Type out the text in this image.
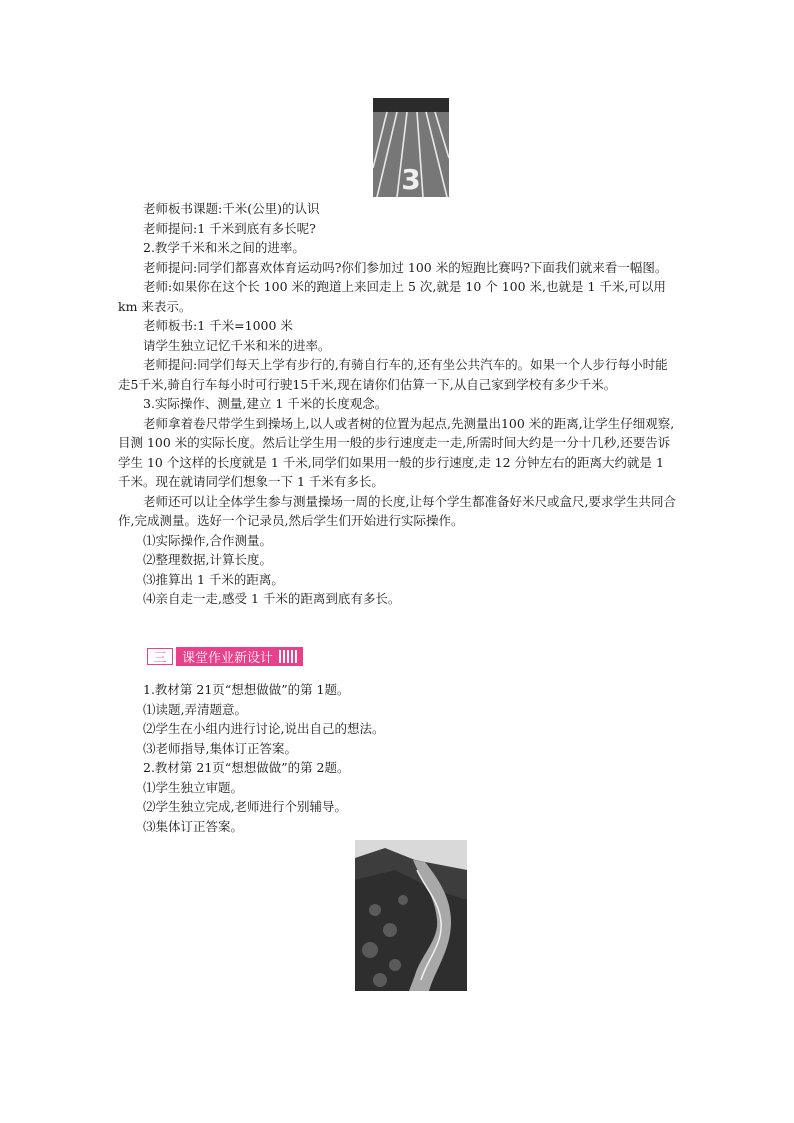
3

老师板书课题:千米(公里)的认识

老师提问:1 千米到底有多长呢?

2.教学千米和米之间的进率。

老师提问:同学们都喜欢体育运动吗?你们参加过 100 米的短跑比赛吗?下面我们就来看一幅图。

老师:如果你在这个长 100 米的跑道上来回走上 5 次,就是 10 个 100 米,也就是 1 千米,可以用 km 来表示。

老师板书:1 千米=1000 米

请学生独立记忆千米和米的进率。

老师提问:同学们每天上学有步行的,有骑自行车的,还有坐公共汽车的。如果一个人步行每小时能走5千米,骑自行车每小时可行驶15千米,现在请你们估算一下,从自己家到学校有多少千米。

3.实际操作、测量,建立 1 千米的长度观念。

老师拿着卷尺带学生到操场上,以人或者树的位置为起点,先测量出100 米的距离,让学生仔细观察,目测 100 米的实际长度。然后让学生用一般的步行速度走一走,所需时间大约是一分十几秒,还要告诉学生 10 个这样的长度就是 1 千米,同学们如果用一般的步行速度,走 12 分钟左右的距离大约就是 1 千米。现在就请同学们想象一下 1 千米有多长。

老师还可以让全体学生参与测量操场一周的长度,让每个学生都准备好米尺或盒尺,要求学生共同合作,完成测量。选好一个记录员,然后学生们开始进行实际操作。

⑴实际操作,合作测量。

⑵整理数据,计算长度。

⑶推算出 1 千米的距离。

⑷亲自走一走,感受 1 千米的距离到底有多长。

三	课堂作业新设计

1.教材第 21页“想想做做”的第 1题。

⑴读题,弄清题意。

⑵学生在小组内进行讨论,说出自己的想法。

⑶老师指导,集体订正答案。

2.教材第 21页“想想做做”的第 2题。

⑴学生独立审题。

⑵学生独立完成,老师进行个别辅导。

⑶集体订正答案。
